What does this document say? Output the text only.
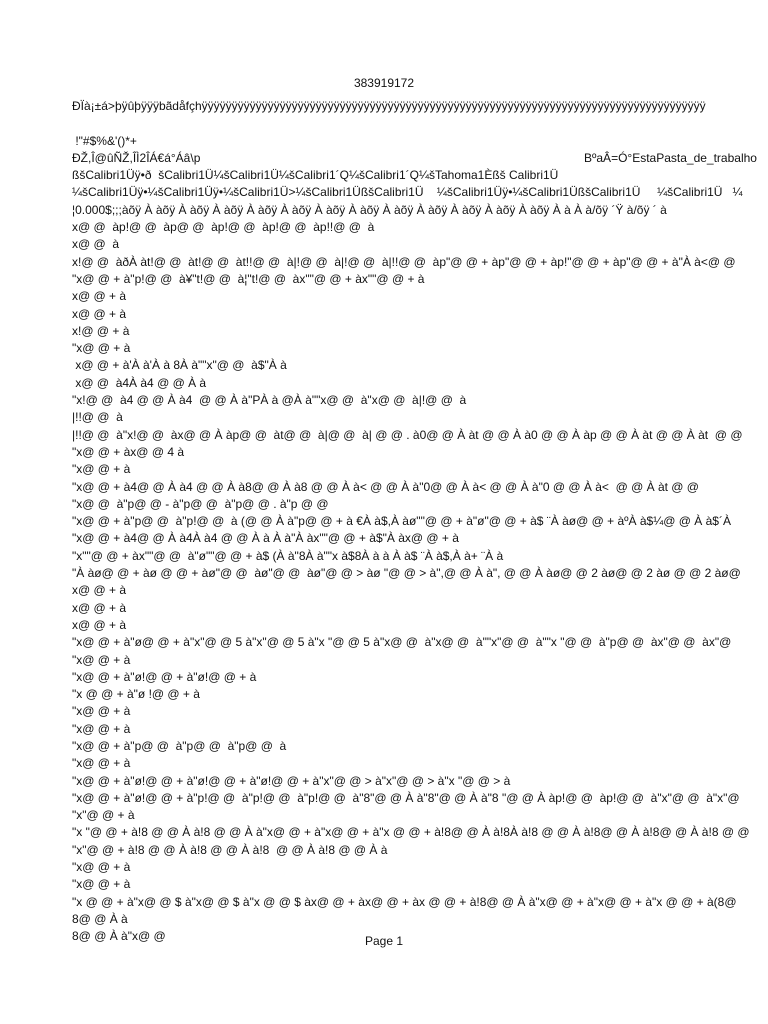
383919172
ÐÏà¡±á>þÿûþÿÿÿbãdåfçhÿÿÿÿÿÿÿÿÿÿÿÿÿÿÿÿÿÿÿÿÿÿÿÿÿÿÿÿÿÿÿÿÿÿÿÿÿÿÿÿÿÿÿÿÿÿÿÿÿÿÿÿÿÿÿÿÿÿÿÿÿÿÿÿÿÿÿÿÿÿÿÿÿÿÿÿÿÿÿÿÿÿÿÿ
!"#$%&'()*+
ÐŽ,Î@ûÑŽ,ÎÌ2ÎÁ€á°Áâ\p	BºaÂ=Ó°EstaPasta_de_trabalho
ßšCalibri1Üÿ•ð  šCalibri1Ü¼šCalibri1Ü¼šCalibri1´Q¼šCalibri1´Q¼šTahoma1Èßš Calibri1Ü
¼šCalibri1Üÿ•¼šCalibri1Üÿ•¼šCalibri1Ü>¼šCalibri1ÜßšCalibri1Ü    ¼šCalibri1Üÿ•¼šCalibri1ÜßšCalibri1Ü     ¼šCalibri1Ü   ¼
¦0.000$;;;àõÿ À àõÿ À àõÿ À àõÿ À àõÿ À àõÿ À àõÿ À àõÿ À àõÿ À àõÿ À àõÿ À àõÿ À àõÿ À à À à/õÿ ´Ÿ à/õÿ ´ à
x@ @  àp!@ @  àp@ @  àp!@ @  àp!@ @  àp!!@ @  à
x@ @  à
x!@ @  àðÀ àt!@ @  àt!@ @  àt!!@ @  à|!@ @  à|!@ @  à|!!@ @  àp"@ @ + àp"@ @ + àp!"@ @ + àp"@ @ + à"À à<@ @
"x@ @ + à"p!@ @  à¥"t!@ @  à¦"t!@ @  àx""@ @ + àx""@ @ + à
x@ @ + à
x@ @ + à
x!@ @ + à
"x@ @ + à
x@ @ + à'À à'À à 8À à""x"@ @  à$"À à
x@ @  à4À à4 @ @ À à
"x!@ @  à4 @ @ À à4  @ @ À à"PÀ à @À à""x@ @  à"x@ @  à|!@ @  à
|!!@ @  à
|!!@ @  à"x!@ @  àx@ @ À àp@ @  àt@ @  à|@ @  à| @ @ . à0@ @ À àt @ @ À à0 @ @ À àp @ @ À àt @ @ À àt  @ @
"x@ @ + àx@ @ 4 à
"x@ @ + à
"x@ @ + à4@ @ À à4 @ @ À à8@ @ À à8 @ @ À à< @ @ À à"0@ @ À à< @ @ À à"0 @ @ À à<  @ @ À àt @ @
"x@ @  à"p@ @ - à"p@ @  à"p@ @ . à"p @ @
"x@ @ + à"p@ @  à"p!@ @  à (@ @ À à"p@ @ + à €À à$,À àø""@ @ + à"ø"@ @ + à$ ¨À àø@ @ + àºÀ à$¼@ @ À à$´À
"x@ @ + à4@ @ À à4À à4 @ @ À à À à"À àx""@ @ + à$"À àx@ @ + à
"x""@ @ + àx""@ @  à"ø""@ @ + à$ (À à"8À à""x à$8À à à À à$ ¨À à$,À à+ ¨À à
"À àø@ @ + àø @ @ + àø"@ @  àø"@ @  àø"@ @ > àø "@ @ > à",@ @ À à", @ @ À àø@ @ 2 àø@ @ 2 àø @ @ 2 àø@
x@ @ + à
x@ @ + à
x@ @ + à
"x@ @ + à"ø@ @ + à"x"@ @ 5 à"x"@ @ 5 à"x "@ @ 5 à"x@ @  à"x@ @  à""x"@ @  à""x "@ @  à"p@ @  àx"@ @  àx"@
"x@ @ + à
"x@ @ + à"ø!@ @ + à"ø!@ @ + à
"x @ @ + à"ø !@ @ + à
"x@ @ + à
"x@ @ + à
"x@ @ + à"p@ @  à"p@ @  à"p@ @  à
"x@ @ + à
"x@ @ + à"ø!@ @ + à"ø!@ @ + à"ø!@ @ + à"x"@ @ > à"x"@ @ > à"x "@ @ > à
"x@ @ + à"ø!@ @ + à"p!@ @  à"p!@ @  à"p!@ @  à"8"@ @ À à"8"@ @ À à"8 "@ @ À àp!@ @  àp!@ @  à"x"@ @  à"x"@
"x"@ @ + à
"x "@ @ + à!8 @ @ À à!8 @ @ À à"x@ @ + à"x@ @ + à"x @ @ + à!8@ @ À à!8À à!8 @ @ À à!8@ @ À à!8@ @ À à!8 @ @
"x"@ @ + à!8 @ @ À à!8 @ @ À à!8  @ @ À à!8 @ @ À à
"x@ @ + à
"x@ @ + à
"x @ @ + à"x@ @ $ à"x@ @ $ à"x @ @ $ àx@ @ + àx@ @ + àx @ @ + à!8@ @ À à"x@ @ + à"x@ @ + à"x @ @ + à(8@
8@ @ À à
8@ @ À à"x@ @	Page 1
